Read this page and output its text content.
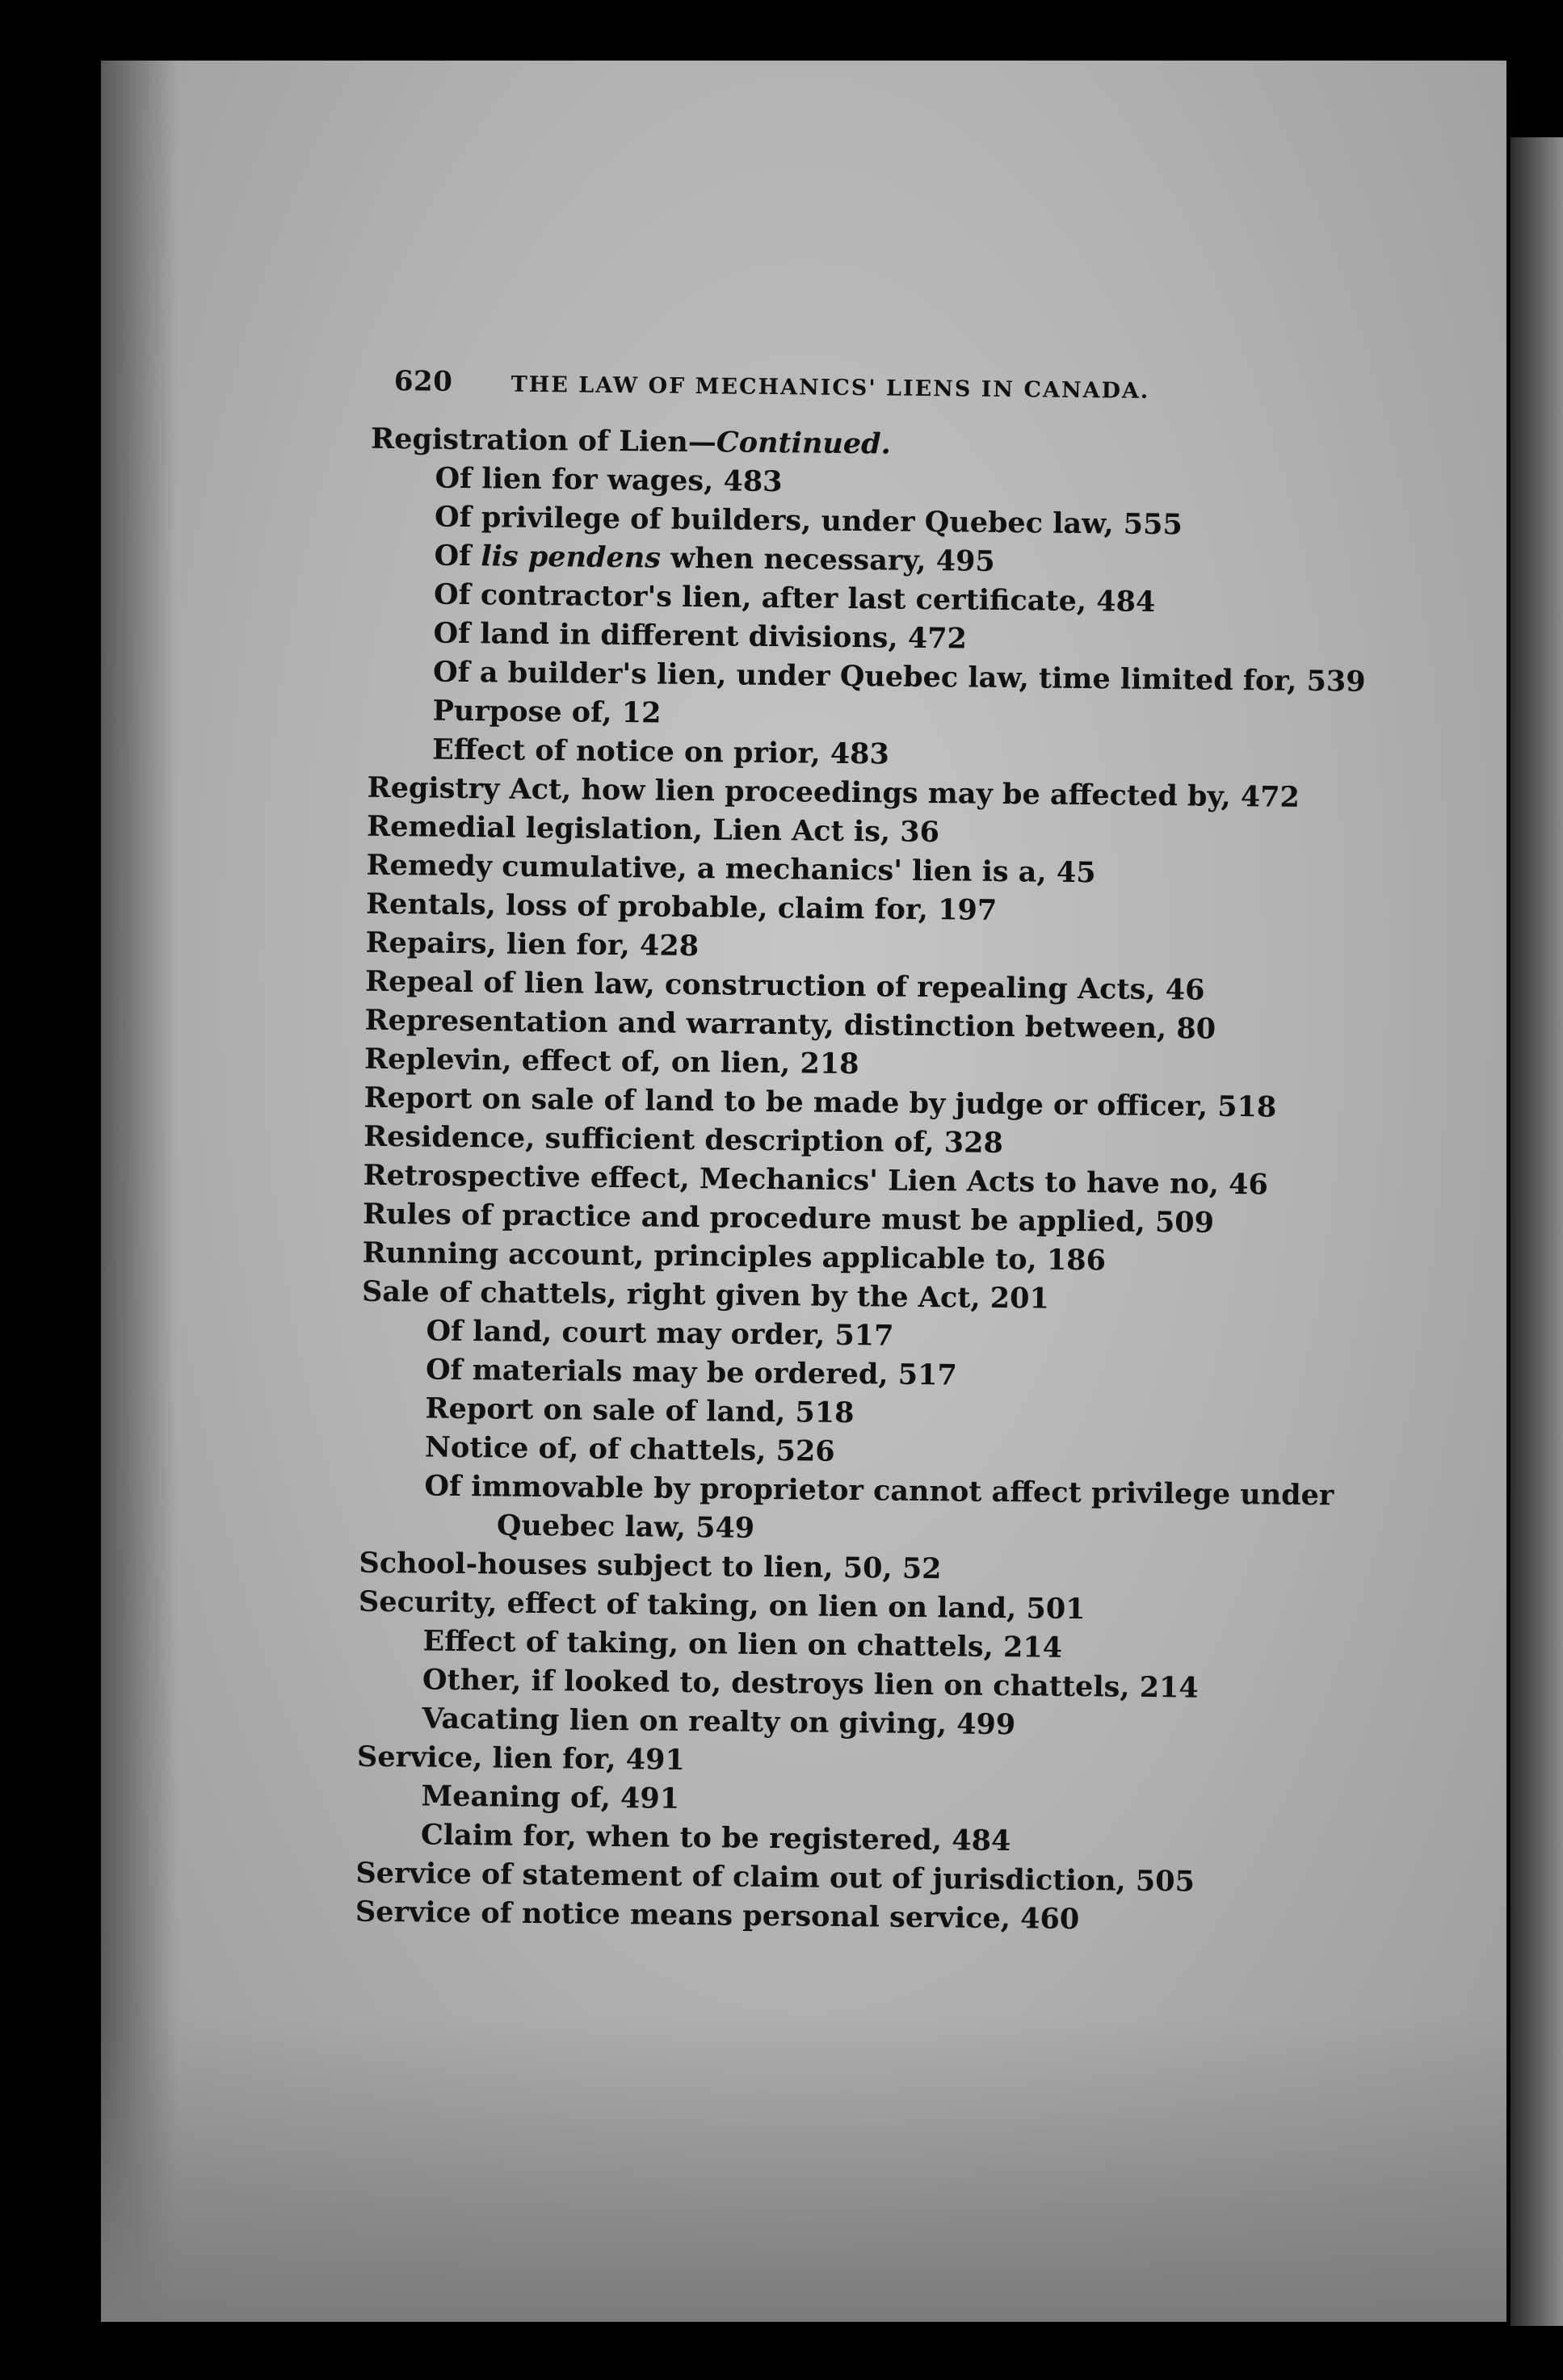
620	THE LAW OF MECHANICS' LIENS IN CANADA.
Registration of Lien—Continued.
Of lien for wages, 483
Of privilege of builders, under Quebec law, 555
Of lis pendens when necessary, 495
Of contractor's lien, after last certificate, 484
Of land in different divisions, 472
Of a builder's lien, under Quebec law, time limited for, 539
Purpose of, 12
Effect of notice on prior, 483
Registry Act, how lien proceedings may be affected by, 472
Remedial legislation, Lien Act is, 36
Remedy cumulative, a mechanics' lien is a, 45
Rentals, loss of probable, claim for, 197
Repairs, lien for, 428
Repeal of lien law, construction of repealing Acts, 46
Representation and warranty, distinction between, 80
Replevin, effect of, on lien, 218
Report on sale of land to be made by judge or officer, 518
Residence, sufficient description of, 328
Retrospective effect, Mechanics' Lien Acts to have no, 46
Rules of practice and procedure must be applied, 509
Running account, principles applicable to, 186
Sale of chattels, right given by the Act, 201
Of land, court may order, 517
Of materials may be ordered, 517
Report on sale of land, 518
Notice of, of chattels, 526
Of immovable by proprietor cannot affect privilege under
Quebec law, 549
School-houses subject to lien, 50, 52
Security, effect of taking, on lien on land, 501
Effect of taking, on lien on chattels, 214
Other, if looked to, destroys lien on chattels, 214
Vacating lien on realty on giving, 499
Service, lien for, 491
Meaning of, 491
Claim for, when to be registered, 484
Service of statement of claim out of jurisdiction, 505
Service of notice means personal service, 460
